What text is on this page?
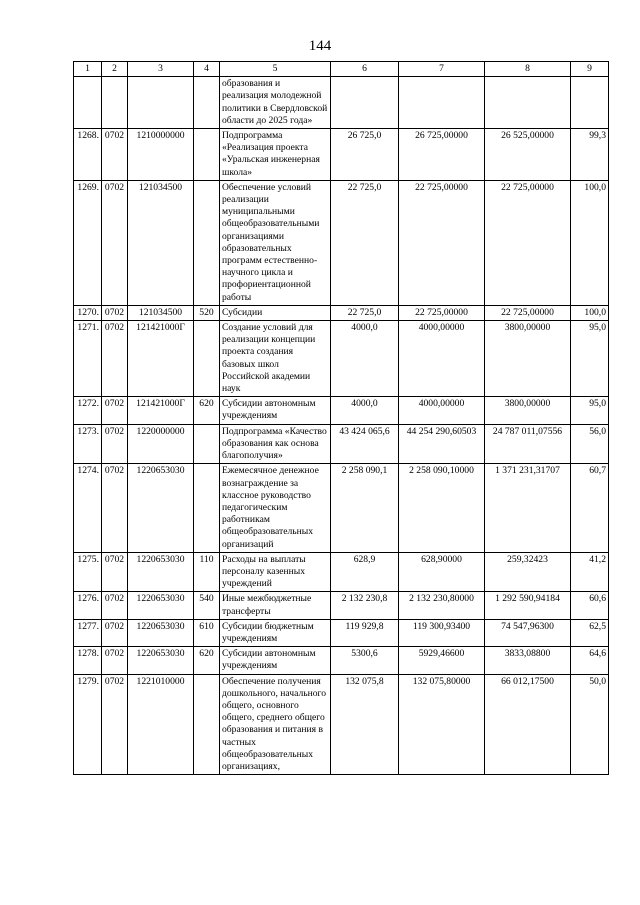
144
1	2	3	4	5	6	7	8	9
				образования и реализация молодежной политики в Свердловской области до 2025 года»				
1268.	0702	1210000000		Подпрограмма «Реализация проекта «Уральская инженерная школа»	26 725,0	26 725,00000	26 525,00000	99,3
1269.	0702	121034500		Обеспечение условий реализации муниципальными общеобразовательными организациями образовательных программ естественно-научного цикла и профориентационной работы	22 725,0	22 725,00000	22 725,00000	100,0
1270.	0702	121034500	520	Субсидии	22 725,0	22 725,00000	22 725,00000	100,0
1271.	0702	121421000Г		Создание условий для реализации концепции проекта создания базовых школ Российской академии наук	4000,0	4000,00000	3800,00000	95,0
1272.	0702	121421000Г	620	Субсидии автономным учреждениям	4000,0	4000,00000	3800,00000	95,0
1273.	0702	1220000000		Подпрограмма «Качество образования как основа благополучия»	43 424 065,6	44 254 290,60503	24 787 011,07556	56,0
1274.	0702	1220653030		Ежемесячное денежное вознаграждение за классное руководство педагогическим работникам общеобразовательных организаций	2 258 090,1	2 258 090,10000	1 371 231,31707	60,7
1275.	0702	1220653030	110	Расходы на выплаты персоналу казенных учреждений	628,9	628,90000	259,32423	41,2
1276.	0702	1220653030	540	Иные межбюджетные трансферты	2 132 230,8	2 132 230,80000	1 292 590,94184	60,6
1277.	0702	1220653030	610	Субсидии бюджетным учреждениям	119 929,8	119 300,93400	74 547,96300	62,5
1278.	0702	1220653030	620	Субсидии автономным учреждениям	5300,6	5929,46600	3833,08800	64,6
1279.	0702	1221010000		Обеспечение получения дошкольного, начального общего, основного общего, среднего общего образования и питания в частных общеобразовательных организациях,	132 075,8	132 075,80000	66 012,17500	50,0
